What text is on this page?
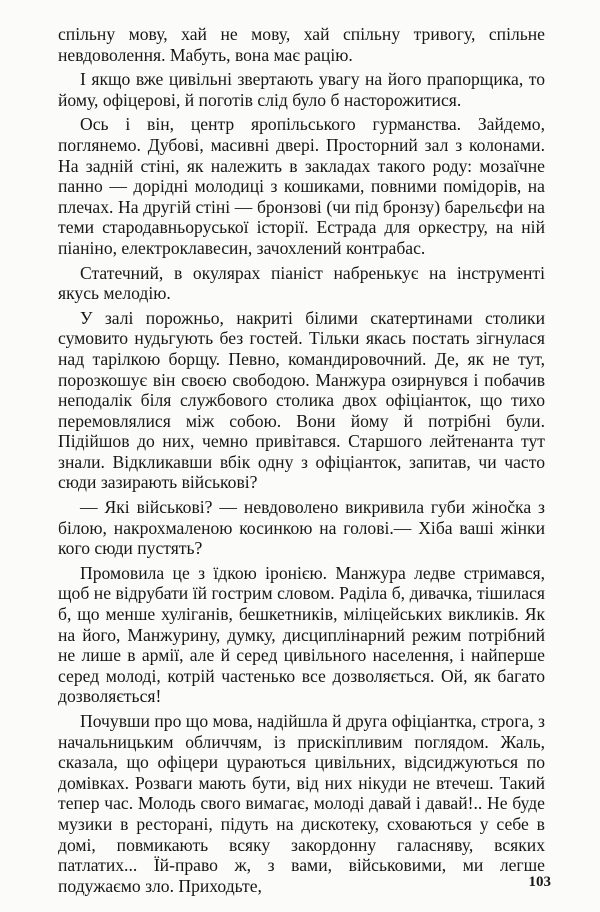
спільну мову, хай не мову, хай спільну тривогу, спільне невдоволення. Мабуть, вона має рацію.

І якщо вже цивільні звертають увагу на його прапорщика, то йому, офіцерові, й поготів слід було б насторожитися.

Ось і він, центр яропільського гурманства. Зайдемо, поглянемо. Дубові, масивні двері. Просторний зал з колонами. На задній стіні, як належить в закладах такого роду: мозаїчне панно — дорідні молодиці з кошиками, повними помідорів, на плечах. На другій стіні — бронзові (чи під бронзу) барельєфи на теми стародавньоруської історії. Естрада для оркестру, на ній піаніно, електроклавесин, зачохлений контрабас.

Статечний, в окулярах піаніст набренькує на інструменті якусь мелодію.

У залі порожньо, накриті білими скатертинами столики сумовито нудьгують без гостей. Тільки якась постать зігнулася над тарілкою борщу. Певно, командировочний. Де, як не тут, порозкошує він своєю свободою. Манжура озирнувся і побачив неподалік біля службового столика двох офіціанток, що тихо перемовлялися між собою. Вони йому й потрібні були. Підійшов до них, чемно привітався. Старшого лейтенанта тут знали. Відкликавши вбік одну з офіціанток, запитав, чи часто сюди зазирають військові?

— Які військові? — невдоволено викривила губи жінočка з білою, накрохмаленою косинкою на голові.— Хіба ваші жінки кого сюди пустять?

Промовила це з їдкою іронією. Манжура ледве стримався, щоб не відрубати їй гострим словом. Раділа б, дивачка, тішилася б, що менше хуліганів, бешкетників, міліцейських викликів. Як на його, Манжурину, думку, дисциплінарний режим потрібний не лише в армії, але й серед цивільного населення, і найперше серед молоді, котрій частенько все дозволяється. Ой, як багато дозволяється!

Почувши про що мова, надійшла й друга офіціантка, строга, з начальницьким обличчям, із прискіпливим поглядом. Жаль, сказала, що офіцери цураються цивільних, відсиджуються по домівках. Розваги мають бути, від них нікуди не втечеш. Такий тепер час. Молодь свого вимагає, молоді давай і давай!.. Не буде музики в ресторані, підуть на дискотеку, сховаються у себе в домі, повмикають всяку закордонну галасняву, всяких патлатих... Їй-право ж, з вами, військовими, ми легше подужаємо зло. Приходьте,	103
